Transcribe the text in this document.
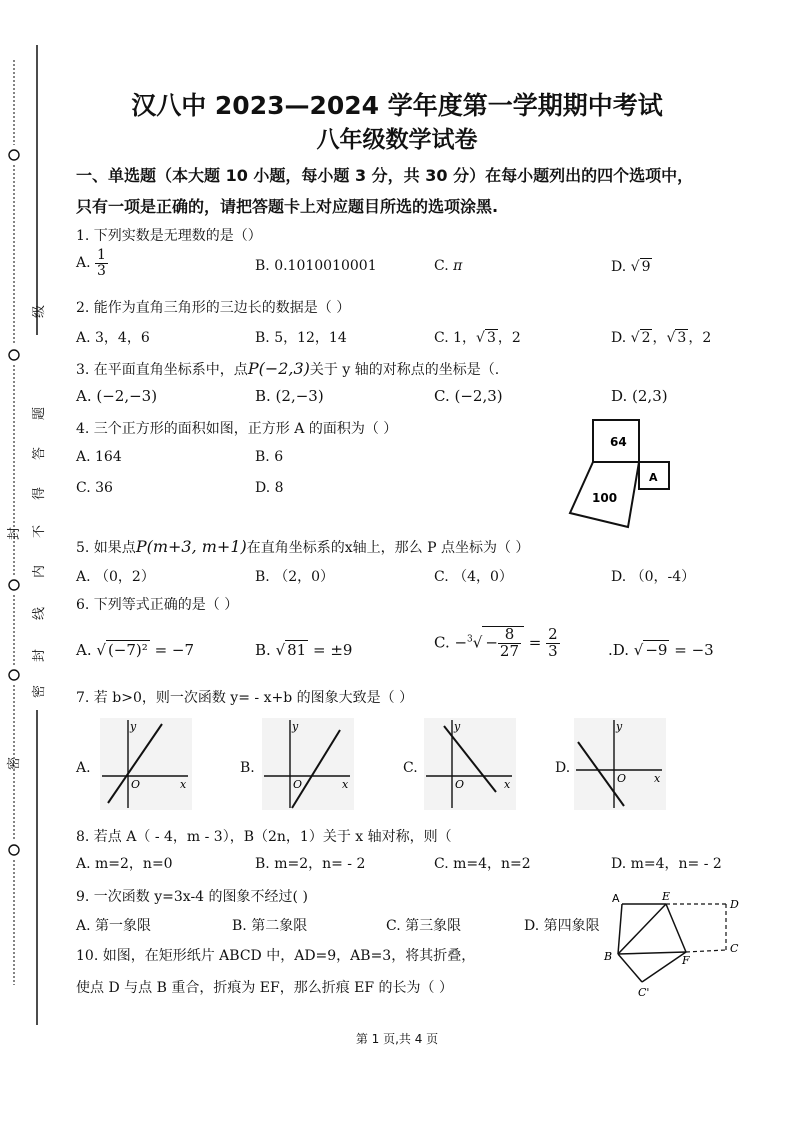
级
题
答
得
不
封
内
线
封
密
密
汉八中 2023—2024 学年度第一学期期中考试
八年级数学试卷
一、单选题（本大题 10 小题，每小题 3 分，共 30 分）在每小题列出的四个选项中，
只有一项是正确的，请把答题卡上对应题目所选的选项涂黑.
1. 下列实数是无理数的是（）
A. $\frac{1}{3}$	B. 0.1010010001	C. π	D. √ 9
2. 能作为直角三角形的三边长的数据是（ ）
A. 3，4，6	B. 5，12，14	C. 1，√ 3 ，2	D. √ 2 ，√ 3 ，2
3. 在平面直角坐标系中，点P(−2,3)关于 y 轴的对称点的坐标是（.
A. (−2,−3)	B. (2,−3)	C. (−2,3)	D. (2,3)
4. 三个正方形的面积如图，正方形 A 的面积为（ ）
A. 164	B. 6
C. 36	D. 8
64
100
A
5. 如果点P(m+3, m+1)在直角坐标系的x轴上，那么 P 点坐标为（ ）
A. （0，2）	B. （2，0）	C. （4，0）	D. （0，-4）
6. 下列等式正确的是（ ）
A. √ (−7)² = −7	B. √ 81 = ±9	C. $-^3√ - \frac{8}{27} = \frac{2}{3}$	.D. √ −9 = −3
7. 若 b>0，则一次函数 y= - x+b 的图象大致是（ ）
A.	B.	C.	D.
y
x
O
y
x
O
y
x
O
y
x
O
8. 若点 A（ - 4，m - 3），B（2n，1）关于 x 轴对称，则（
A. m=2，n=0	B. m=2，n= - 2	C. m=4，n=2	D. m=4，n= - 2
9. 一次函数 y=3x-4 的图象不经过( )
A. 第一象限	B. 第二象限	C. 第三象限	D. 第四象限
10. 如图，在矩形纸片 ABCD 中，AD=9，AB=3，将其折叠，
使点 D 与点 B 重合，折痕为 EF，那么折痕 EF 的长为（ ）
A	E
D
B	F
C
C'
第 1 页,共 4 页
